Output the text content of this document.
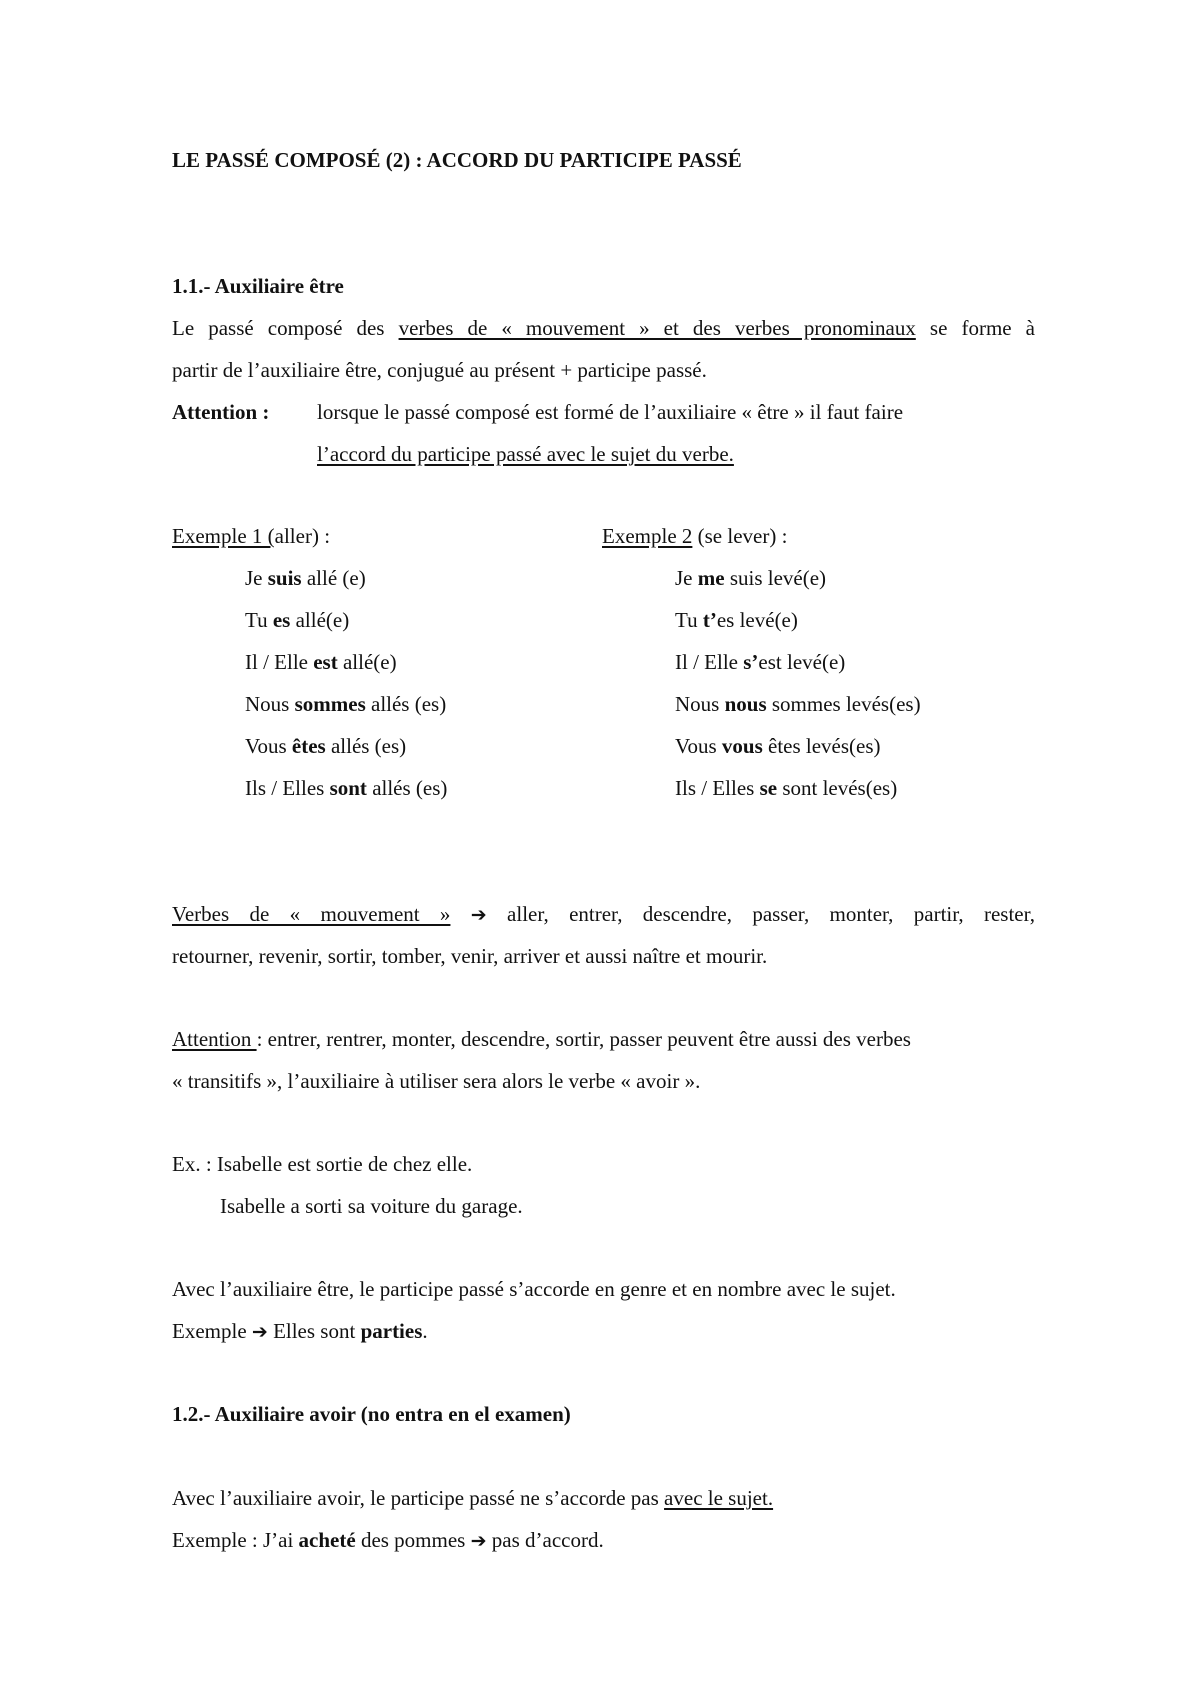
LE PASSÉ COMPOSÉ (2) : ACCORD DU PARTICIPE PASSÉ
1.1.- Auxiliaire être
Le passé composé des verbes de « mouvement » et des verbes pronominaux se forme à
partir de l’auxiliaire être, conjugué au présent + participe passé.
Attention : lorsque le passé composé est formé de l’auxiliaire « être » il faut faire
l’accord du participe passé avec le sujet du verbe.
Exemple 1 (aller) :
Je suis allé (e)
Tu es allé(e)
Il / Elle est allé(e)
Nous sommes allés (es)
Vous êtes allés (es)
Ils / Elles sont allés (es)
Exemple 2 (se lever) :
Je me suis levé(e)
Tu t’es levé(e)
Il / Elle s’est levé(e)
Nous nous sommes levés(es)
Vous vous êtes levés(es)
Ils / Elles se sont levés(es)
Verbes de « mouvement » ➔ aller, entrer, descendre, passer, monter, partir, rester,
retourner, revenir, sortir, tomber, venir, arriver et aussi naître et mourir.
Attention : entrer, rentrer, monter, descendre, sortir, passer peuvent être aussi des verbes
« transitifs », l’auxiliaire à utiliser sera alors le verbe « avoir ».
Ex. : Isabelle est sortie de chez elle.
Isabelle a sorti sa voiture du garage.
Avec l’auxiliaire être, le participe passé s’accorde en genre et en nombre avec le sujet.
Exemple ➔ Elles sont parties.
1.2.- Auxiliaire avoir (no entra en el examen)
Avec l’auxiliaire avoir, le participe passé ne s’accorde pas avec le sujet.
Exemple : J’ai acheté des pommes ➔ pas d’accord.
